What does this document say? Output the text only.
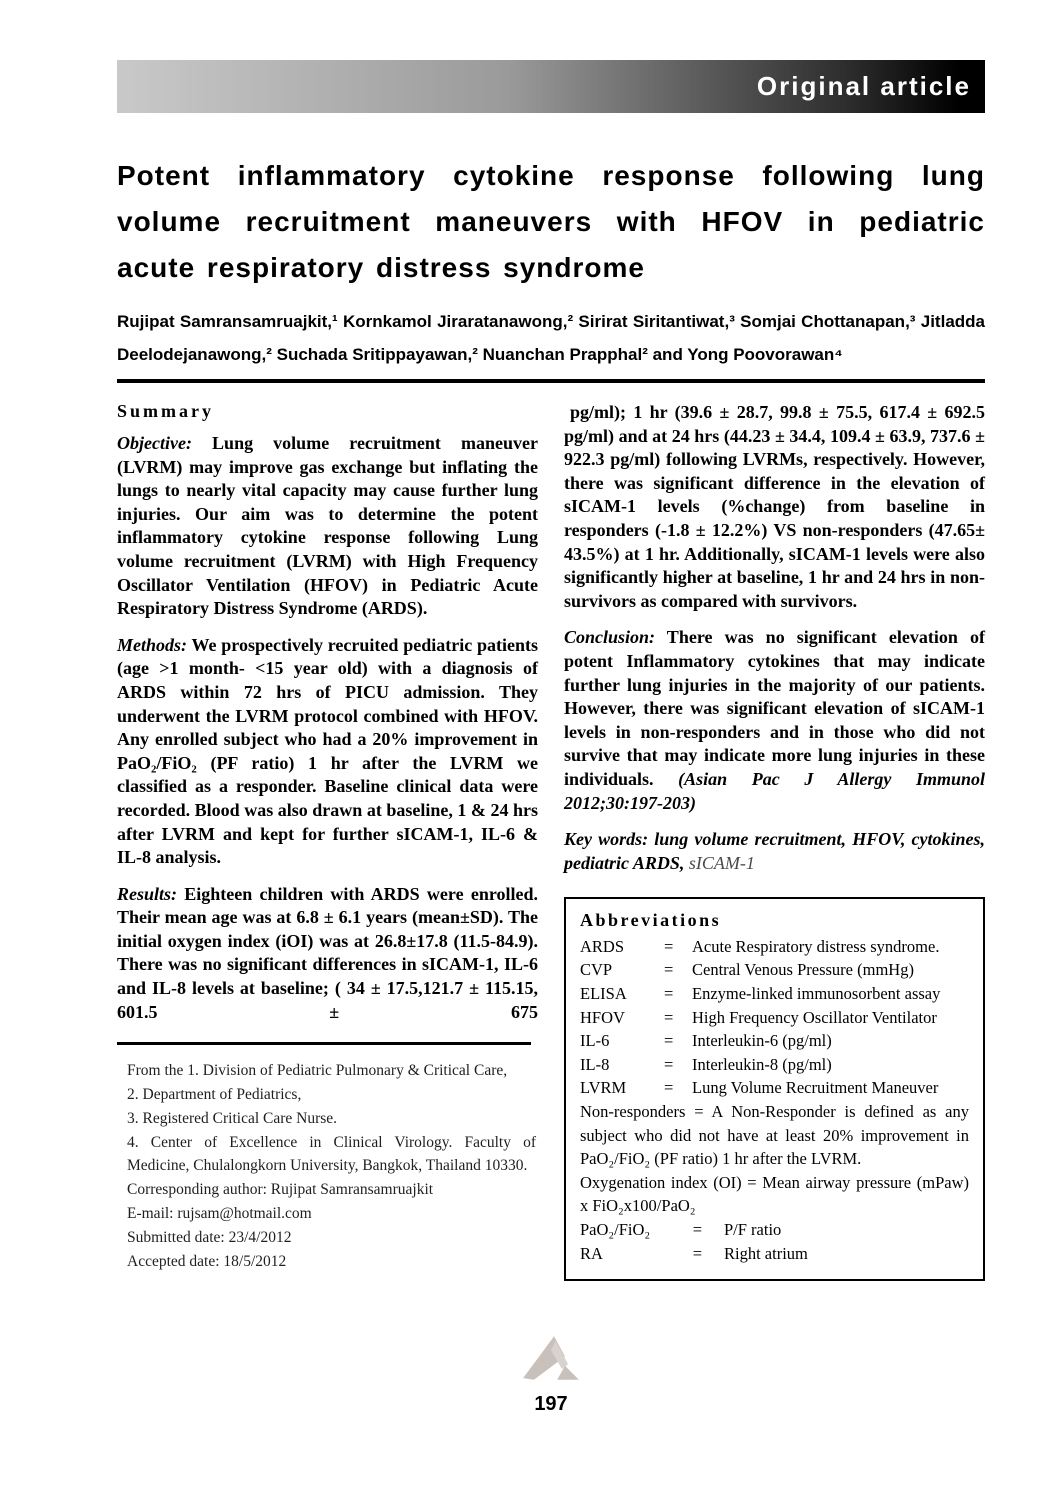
Original article
Potent inflammatory cytokine response following lung volume recruitment maneuvers with HFOV in pediatric acute respiratory distress syndrome
Rujipat Samransamruajkit,¹ Kornkamol Jiraratanawong,² Sirirat Siritantiwat,³ Somjai Chottanapan,³ Jitladda Deelodejanawong,² Suchada Sritippayawan,² Nuanchan Prapphal² and Yong Poovorawan⁴
Summary

Objective: Lung volume recruitment maneuver (LVRM) may improve gas exchange but inflating the lungs to nearly vital capacity may cause further lung injuries. Our aim was to determine the potent inflammatory cytokine response following Lung volume recruitment (LVRM) with High Frequency Oscillator Ventilation (HFOV) in Pediatric Acute Respiratory Distress Syndrome (ARDS).

Methods: We prospectively recruited pediatric patients (age >1 month- <15 year old) with a diagnosis of ARDS within 72 hrs of PICU admission. They underwent the LVRM protocol combined with HFOV. Any enrolled subject who had a 20% improvement in PaO₂/FiO₂ (PF ratio) 1 hr after the LVRM we classified as a responder. Baseline clinical data were recorded. Blood was also drawn at baseline, 1 & 24 hrs after LVRM and kept for further sICAM-1, IL-6 & IL-8 analysis.

Results: Eighteen children with ARDS were enrolled. Their mean age was at 6.8 ± 6.1 years (mean±SD). The initial oxygen index (iOI) was at 26.8±17.8 (11.5-84.9). There was no significant differences in sICAM-1, IL-6 and IL-8 levels at baseline; ( 34 ± 17.5,121.7 ± 115.15, 601.5 ± 675

From the 1. Division of Pediatric Pulmonary & Critical Care,

2. Department of Pediatrics,

3. Registered Critical Care Nurse.

4. Center of Excellence in Clinical Virology. Faculty of Medicine, Chulalongkorn University, Bangkok, Thailand 10330.

Corresponding author: Rujipat Samransamruajkit

E-mail: rujsam@hotmail.com

Submitted date: 23/4/2012

Accepted date: 18/5/2012

pg/ml); 1 hr (39.6 ± 28.7, 99.8 ± 75.5, 617.4 ± 692.5 pg/ml) and at 24 hrs (44.23 ± 34.4, 109.4 ± 63.9, 737.6 ± 922.3 pg/ml) following LVRMs, respectively. However, there was significant difference in the elevation of sICAM-1 levels (%change) from baseline in responders (-1.8 ± 12.2%) VS non-responders (47.65± 43.5%) at 1 hr. Additionally, sICAM-1 levels were also significantly higher at baseline, 1 hr and 24 hrs in non-survivors as compared with survivors.

Conclusion: There was no significant elevation of potent Inflammatory cytokines that may indicate further lung injuries in the majority of our patients. However, there was significant elevation of sICAM-1 levels in non-responders and in those who did not survive that may indicate more lung injuries in these individuals. (Asian Pac J Allergy Immunol 2012;30:197-203)

Key words: lung volume recruitment, HFOV, cytokines, pediatric ARDS, sICAM-1

Abbreviations
ARDS	=	Acute Respiratory distress syndrome.
CVP	=	Central Venous Pressure (mmHg)
ELISA	=	Enzyme-linked immunosorbent assay
HFOV	=	High Frequency Oscillator Ventilator
IL-6	=	Interleukin-6 (pg/ml)
IL-8	=	Interleukin-8 (pg/ml)
LVRM	=	Lung Volume Recruitment Maneuver
Non-responders = A Non-Responder is defined as any subject who did not have at least 20% improvement in PaO₂/FiO₂ (PF ratio) 1 hr after the LVRM.
Oxygenation index (OI) = Mean airway pressure (mPaw) x FiO₂x100/PaO₂
PaO₂/FiO₂	= P/F ratio
RA	= Right atrium
197
